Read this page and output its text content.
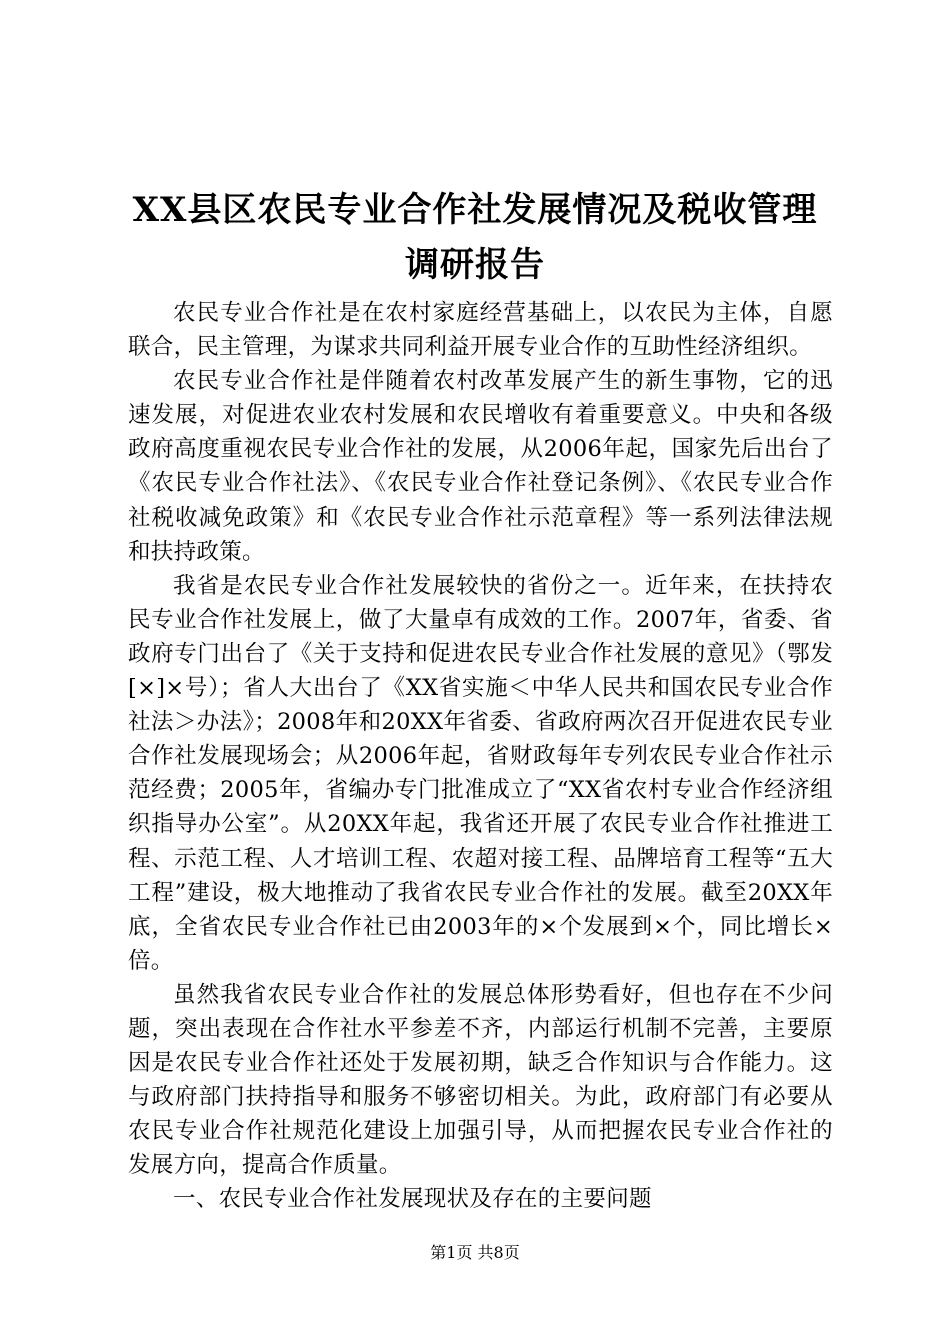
XX县区农民专业合作社发展情况及税收管理
调研报告

农民专业合作社是在农村家庭经营基础上，以农民为主体，自愿联合，民主管理，为谋求共同利益开展专业合作的互助性经济组织。

农民专业合作社是伴随着农村改革发展产生的新生事物，它的迅速发展，对促进农业农村发展和农民增收有着重要意义。中央和各级政府高度重视农民专业合作社的发展，从2006年起，国家先后出台了《农民专业合作社法》、《农民专业合作社登记条例》、《农民专业合作社税收减免政策》和《农民专业合作社示范章程》等一系列法律法规和扶持政策。

我省是农民专业合作社发展较快的省份之一。近年来，在扶持农民专业合作社发展上，做了大量卓有成效的工作。2007年，省委、省政府专门出台了《关于支持和促进农民专业合作社发展的意见》（鄂发[×]×号）；省人大出台了《XX省实施＜中华人民共和国农民专业合作社法＞办法》；2008年和20XX年省委、省政府两次召开促进农民专业合作社发展现场会；从2006年起，省财政每年专列农民专业合作社示范经费；2005年，省编办专门批准成立了“XX省农村专业合作经济组织指导办公室”。从20XX年起，我省还开展了农民专业合作社推进工程、示范工程、人才培训工程、农超对接工程、品牌培育工程等“五大工程”建设，极大地推动了我省农民专业合作社的发展。截至20XX年底，全省农民专业合作社已由2003年的×个发展到×个，同比增长×倍。

虽然我省农民专业合作社的发展总体形势看好，但也存在不少问题，突出表现在合作社水平参差不齐，内部运行机制不完善，主要原因是农民专业合作社还处于发展初期，缺乏合作知识与合作能力。这与政府部门扶持指导和服务不够密切相关。为此，政府部门有必要从农民专业合作社规范化建设上加强引导，从而把握农民专业合作社的发展方向，提高合作质量。

一、农民专业合作社发展现状及存在的主要问题

第1页 共8页
